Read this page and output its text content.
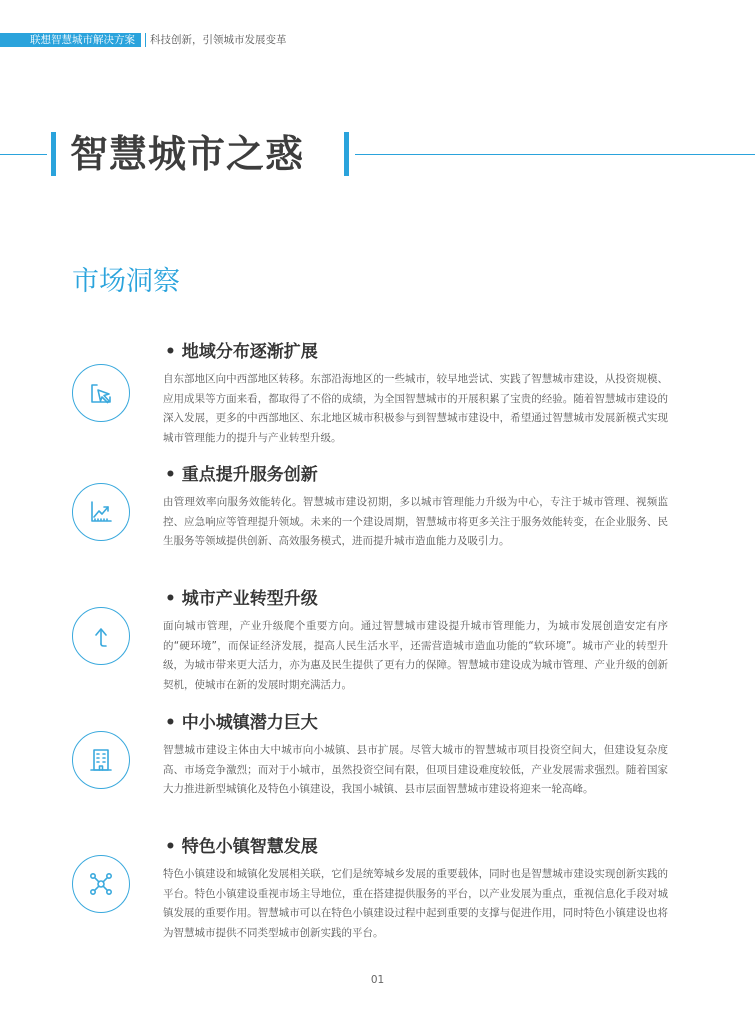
联想智慧城市解决方案	科技创新，引领城市发展变革
智慧城市之惑
市场洞察
• 地域分布逐渐扩展
自东部地区向中西部地区转移。东部沿海地区的一些城市，较早地尝试、实践了智慧城市建设，从投资规模、应用成果等方面来看，都取得了不俗的成绩，为全国智慧城市的开展积累了宝贵的经验。随着智慧城市建设的深入发展，更多的中西部地区、东北地区城市积极参与到智慧城市建设中，希望通过智慧城市发展新模式实现城市管理能力的提升与产业转型升级。
• 重点提升服务创新
由管理效率向服务效能转化。智慧城市建设初期，多以城市管理能力升级为中心，专注于城市管理、视频监控、应急响应等管理提升领域。未来的一个建设周期，智慧城市将更多关注于服务效能转变，在企业服务、民生服务等领域提供创新、高效服务模式，进而提升城市造血能力及吸引力。
• 城市产业转型升级
面向城市管理，产业升级爬个重要方向。通过智慧城市建设提升城市管理能力，为城市发展创造安定有序的“硬环境”，而保证经济发展，提高人民生活水平，还需营造城市造血功能的“软环境”。城市产业的转型升级，为城市带来更大活力，亦为惠及民生提供了更有力的保障。智慧城市建设成为城市管理、产业升级的创新契机，使城市在新的发展时期充满活力。
• 中小城镇潜力巨大
智慧城市建设主体由大中城市向小城镇、县市扩展。尽管大城市的智慧城市项目投资空间大，但建设复杂度高、市场竞争激烈；而对于小城市，虽然投资空间有限，但项目建设难度较低，产业发展需求强烈。随着国家大力推进新型城镇化及特色小镇建设，我国小城镇、县市层面智慧城市建设将迎来一轮高峰。
• 特色小镇智慧发展
特色小镇建设和城镇化发展相关联，它们是统筹城乡发展的重要载体，同时也是智慧城市建设实现创新实践的平台。特色小镇建设重视市场主导地位，重在搭建提供服务的平台，以产业发展为重点，重视信息化手段对城镇发展的重要作用。智慧城市可以在特色小镇建设过程中起到重要的支撑与促进作用，同时特色小镇建设也将为智慧城市提供不同类型城市创新实践的平台。
01
